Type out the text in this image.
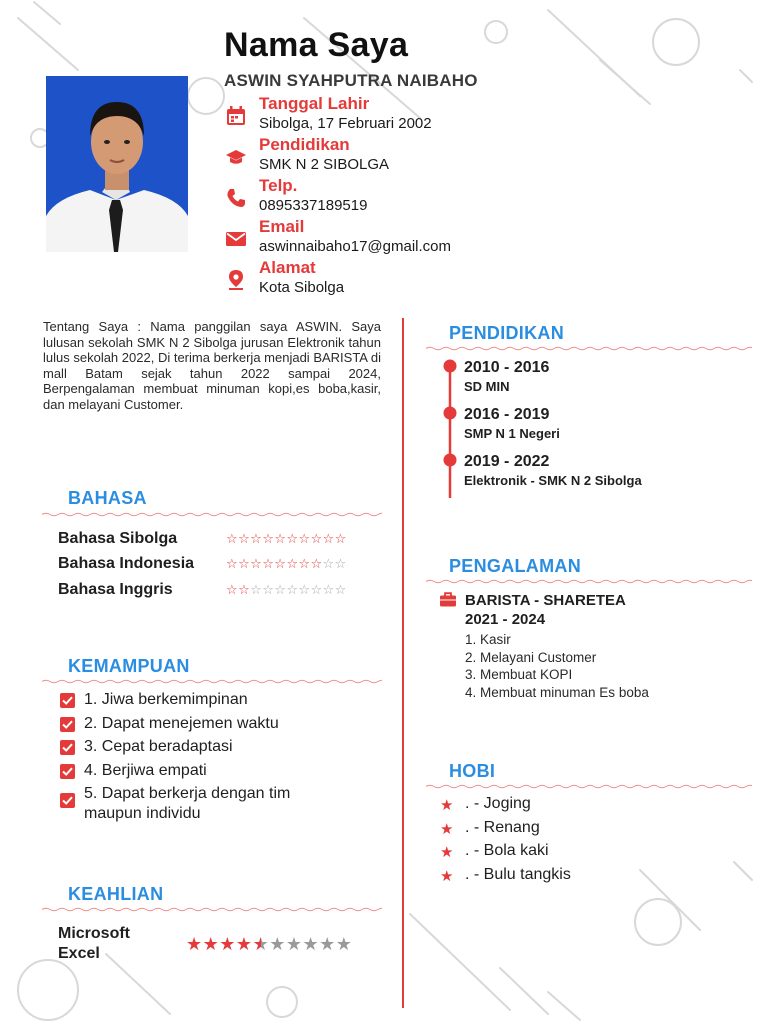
Nama Saya
ASWIN SYAHPUTRA NAIBAHO
Tanggal Lahir
Sibolga, 17 Februari 2002
Pendidikan
SMK N 2 SIBOLGA
Telp.
0895337189519
Email
aswinnaibaho17@gmail.com
Alamat
Kota Sibolga

Tentang Saya : Nama panggilan saya ASWIN. Saya lulusan sekolah SMK N 2 Sibolga jurusan Elektronik tahun lulus sekolah 2022, Di terima berkerja menjadi BARISTA di mall Batam sejak tahun 2022 sampai 2024, Berpengalaman membuat minuman kopi,es boba,kasir, dan melayani Customer.

BAHASA
Bahasa Sibolga	☆☆☆☆☆☆☆☆☆☆
Bahasa Indonesia ☆☆☆☆☆☆☆☆☆☆
Bahasa Inggris	☆☆☆☆☆☆☆☆☆☆
KEMAMPUAN
1. Jiwa berkemimpinan
2. Dapat menejemen waktu
3. Cepat beradaptasi
4. Berjiwa empati
5. Dapat berkerja dengan tim maupun individu
KEAHLIAN
Microsoft Excel	★★★★★★★★★★
PENDIDIKAN
2010 - 2016
SD MIN
2016 - 2019
SMP N 1 Negeri
2019 - 2022
Elektronik - SMK N 2 Sibolga
PENGALAMAN
BARISTA - SHARETEA
2021 - 2024
1. Kasir
2. Melayani Customer
3. Membuat KOPI
4. Membuat minuman Es boba
HOBI
★ . - Joging
★ . - Renang
★ . - Bola kaki
★ . - Bulu tangkis
